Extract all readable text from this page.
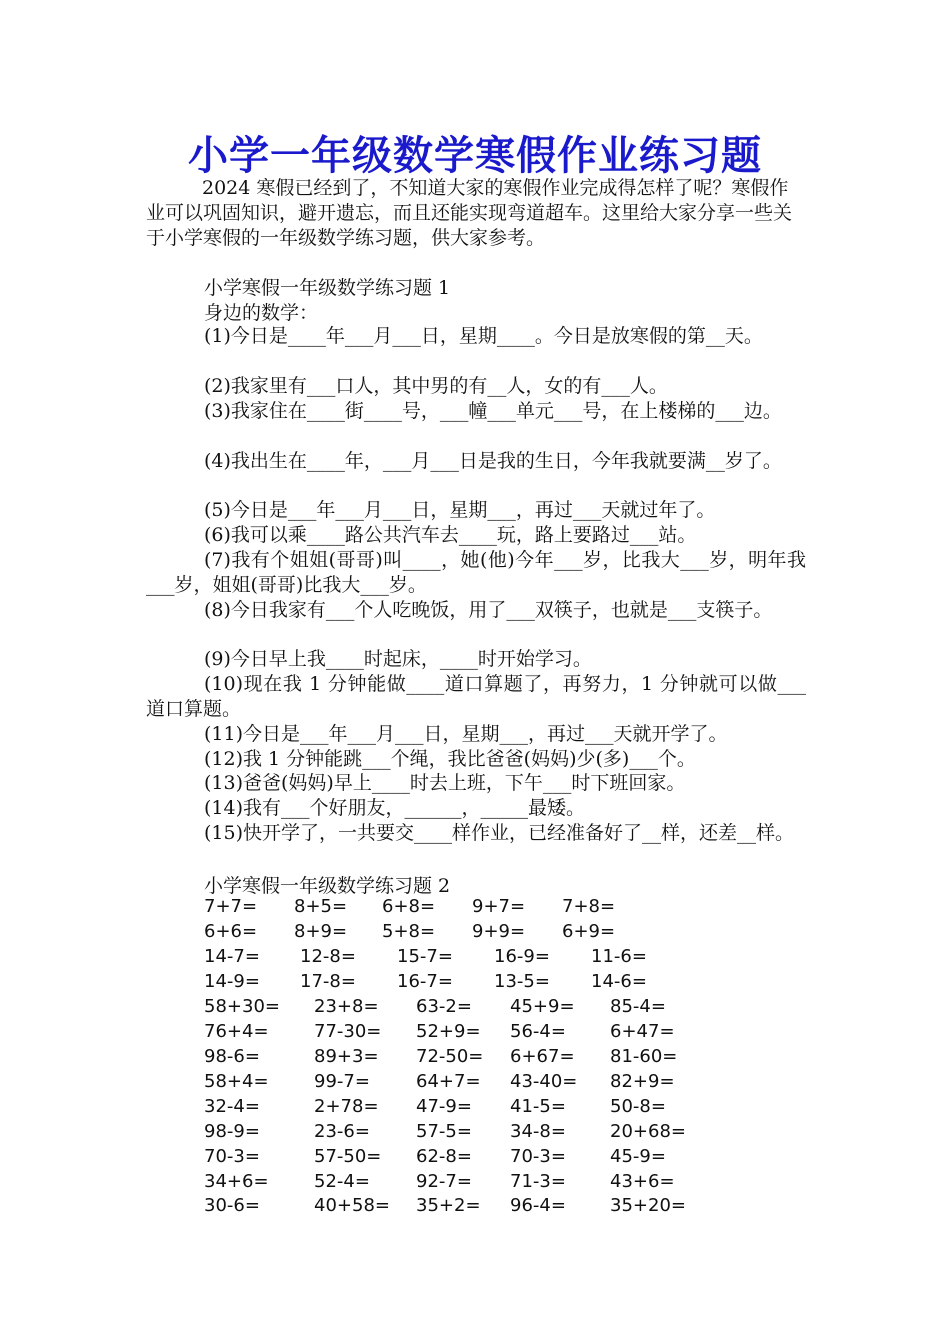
小学一年级数学寒假作业练习题

2024 寒假已经到了，不知道大家的寒假作业完成得怎样了呢？寒假作业可以巩固知识，避开遗忘，而且还能实现弯道超车。这里给大家分享一些关于小学寒假的一年级数学练习题，供大家参考。

小学寒假一年级数学练习题 1

身边的数学：

(1)今日是____年___月___日，星期____。今日是放寒假的第__天。

(2)我家里有___口人，其中男的有__人，女的有___人。

(3)我家住在____街____号，___幢___单元___号，在上楼梯的___边。

(4)我出生在____年，___月___日是我的生日，今年我就要满__岁了。

(5)今日是___年___月___日，星期___，再过___天就过年了。

(6)我可以乘____路公共汽车去____玩，路上要路过___站。

(7)我有个姐姐(哥哥)叫____，她(他)今年___岁，比我大___岁，明年我___岁，姐姐(哥哥)比我大___岁。

(8)今日我家有___个人吃晚饭，用了___双筷子，也就是___支筷子。

(9)今日早上我____时起床，____时开始学习。

(10)现在我 1 分钟能做____道口算题了，再努力，1 分钟就可以做___道口算题。

(11)今日是___年___月___日，星期___，再过___天就开学了。

(12)我 1 分钟能跳___个绳，我比爸爸(妈妈)少(多)___个。

(13)爸爸(妈妈)早上____时去上班，下午___时下班回家。

(14)我有___个好朋友，______，_____最矮。

(15)快开学了，一共要交____样作业，已经准备好了__样，还差__样。

小学寒假一年级数学练习题 2

7+7= 8+5= 6+8= 9+7= 7+8=
6+6= 8+9= 5+8= 9+9= 6+9=
14-7= 12-8= 15-7= 16-9= 11-6=
14-9= 17-8= 16-7= 13-5= 14-6=
58+30= 23+8= 63-2= 45+9= 85-4=
76+4=	77-30= 52+9= 56-4= 6+47=
98-6=	89+3= 72-50= 6+67= 81-60=
58+4=	99-7=	64+7= 43-40= 82+9=
32-4=	2+78= 47-9= 41-5= 50-8=
98-9=	23-6=	57-5= 34-8= 20+68=
70-3=	57-50= 62-8= 70-3= 45-9=
34+6=	52-4=	92-7= 71-3= 43+6=
30-6=	40+58= 35+2= 96-4= 35+20=
